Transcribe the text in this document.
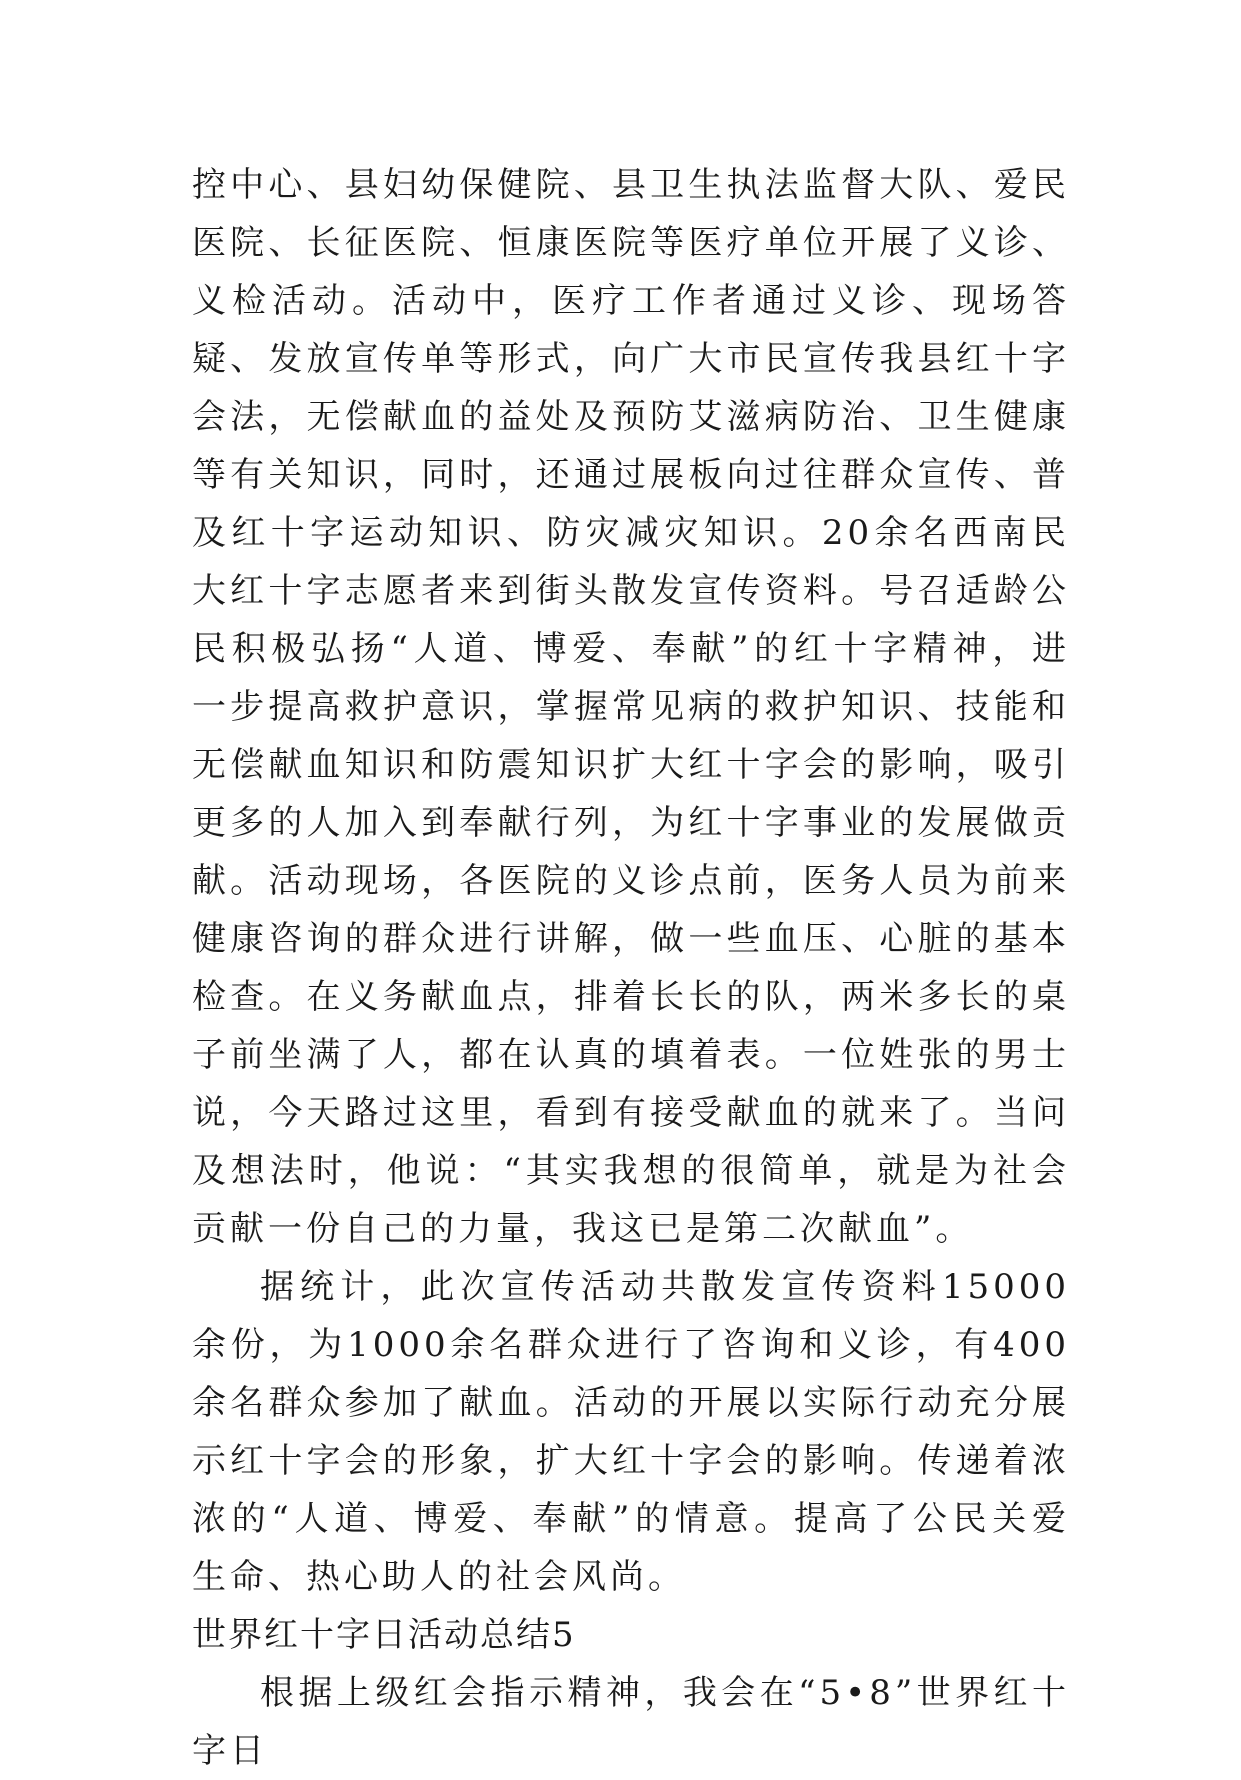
控中心、县妇幼保健院、县卫生执法监督大队、爱民医院、长征医院、恒康医院等医疗单位开展了义诊、义检活动。活动中，医疗工作者通过义诊、现场答疑、发放宣传单等形式，向广大市民宣传我县红十字会法，无偿献血的益处及预防艾滋病防治、卫生健康等有关知识，同时，还通过展板向过往群众宣传、普及红十字运动知识、防灾减灾知识。20余名西南民大红十字志愿者来到街头散发宣传资料。号召适龄公民积极弘扬“人道、博爱、奉献”的红十字精神，进一步提高救护意识，掌握常见病的救护知识、技能和无偿献血知识和防震知识扩大红十字会的影响，吸引更多的人加入到奉献行列，为红十字事业的发展做贡献。活动现场，各医院的义诊点前，医务人员为前来健康咨询的群众进行讲解，做一些血压、心脏的基本检查。在义务献血点，排着长长的队，两米多长的桌子前坐满了人，都在认真的填着表。一位姓张的男士说，今天路过这里，看到有接受献血的就来了。当问及想法时，他说：“其实我想的很简单，就是为社会贡献一份自己的力量，我这已是第二次献血”。

据统计，此次宣传活动共散发宣传资料15000余份，为1000余名群众进行了咨询和义诊，有400余名群众参加了献血。活动的开展以实际行动充分展示红十字会的形象，扩大红十字会的影响。传递着浓浓的“人道、博爱、奉献”的情意。提高了公民关爱生命、热心助人的社会风尚。

世界红十字日活动总结5

根据上级红会指示精神，我会在“5•8”世界红十字日
